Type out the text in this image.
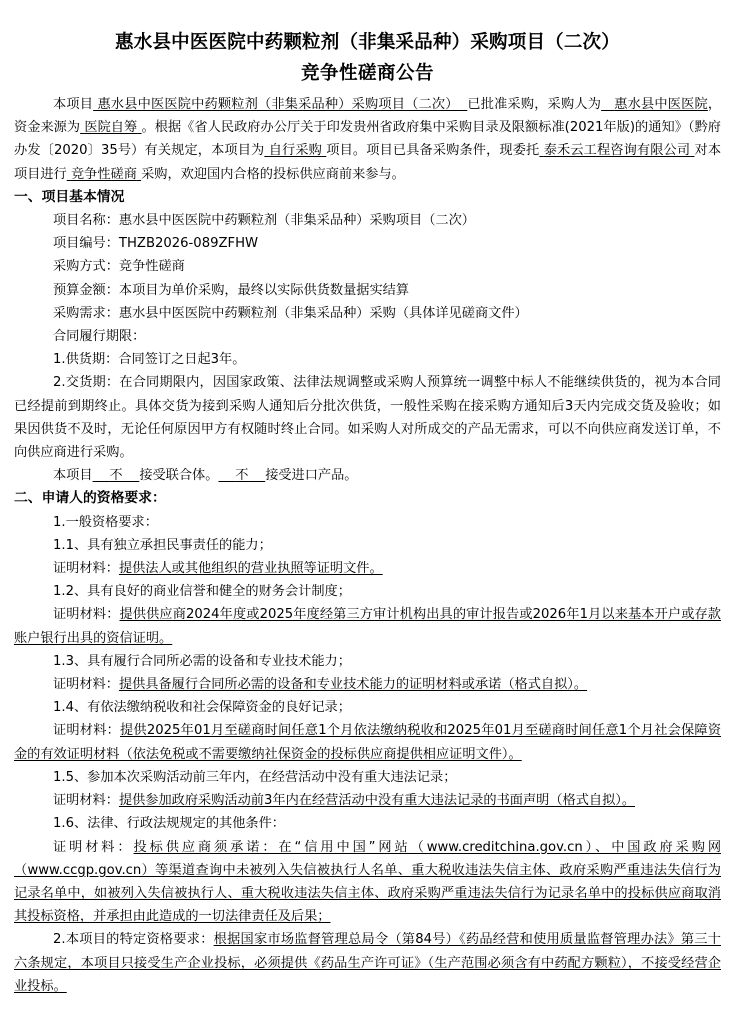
惠水县中医医院中药颗粒剂（非集采品种）采购项目（二次）
竞争性磋商公告

本项目 惠水县中医医院中药颗粒剂（非集采品种）采购项目（二次） 已批准采购，采购人为 惠水县中医医院，资金来源为 医院自筹 。根据《省人民政府办公厅关于印发贵州省政府集中采购目录及限额标准(2021年版)的通知》（黔府办发〔2020〕35号）有关规定，本项目为 自行采购 项目。项目已具备采购条件，现委托 泰禾云工程咨询有限公司 对本项目进行 竞争性磋商 采购，欢迎国内合格的投标供应商前来参与。

一、项目基本情况

项目名称：惠水县中医医院中药颗粒剂（非集采品种）采购项目（二次）

项目编号：THZB2026-089ZFHW

采购方式：竞争性磋商

预算金额：本项目为单价采购，最终以实际供货数量据实结算

采购需求：惠水县中医医院中药颗粒剂（非集采品种）采购（具体详见磋商文件）

合同履行期限：

1.供货期：合同签订之日起3年。

2.交货期：在合同期限内，因国家政策、法律法规调整或采购人预算统一调整中标人不能继续供货的，视为本合同已经提前到期终止。具体交货为接到采购人通知后分批次供货，一般性采购在接采购方通知后3天内完成交货及验收；如果因供货不及时，无论任何原因甲方有权随时终止合同。如采购人对所成交的产品无需求，可以不向供应商发送订单，不向供应商进行采购。

本项目 不 接受联合体。 不 接受进口产品。

二、申请人的资格要求：

1.一般资格要求：

1.1、具有独立承担民事责任的能力；

证明材料：提供法人或其他组织的营业执照等证明文件。

1.2、具有良好的商业信誉和健全的财务会计制度；

证明材料：提供供应商2024年度或2025年度经第三方审计机构出具的审计报告或2026年1月以来基本开户或存款账户银行出具的资信证明。

1.3、具有履行合同所必需的设备和专业技术能力；

证明材料：提供具备履行合同所必需的设备和专业技术能力的证明材料或承诺（格式自拟）。

1.4、有依法缴纳税收和社会保障资金的良好记录；

证明材料：提供2025年01月至磋商时间任意1个月依法缴纳税收和2025年01月至磋商时间任意1个月社会保障资金的有效证明材料（依法免税或不需要缴纳社保资金的投标供应商提供相应证明文件）。

1.5、参加本次采购活动前三年内，在经营活动中没有重大违法记录；

证明材料：提供参加政府采购活动前3年内在经营活动中没有重大违法记录的书面声明（格式自拟）。

1.6、法律、行政法规规定的其他条件：

证明材料：投标供应商须承诺：在“信用中国”网站（www.creditchina.gov.cn）、中国政府采购网（www.ccgp.gov.cn）等渠道查询中未被列入失信被执行人名单、重大税收违法失信主体、政府采购严重违法失信行为记录名单中，如被列入失信被执行人、重大税收违法失信主体、政府采购严重违法失信行为记录名单中的投标供应商取消其投标资格，并承担由此造成的一切法律责任及后果；

2.本项目的特定资格要求：根据国家市场监督管理总局令（第84号）《药品经营和使用质量监督管理办法》第三十六条规定，本项目只接受生产企业投标，必须提供《药品生产许可证》（生产范围必须含有中药配方颗粒），不接受经营企业投标。
